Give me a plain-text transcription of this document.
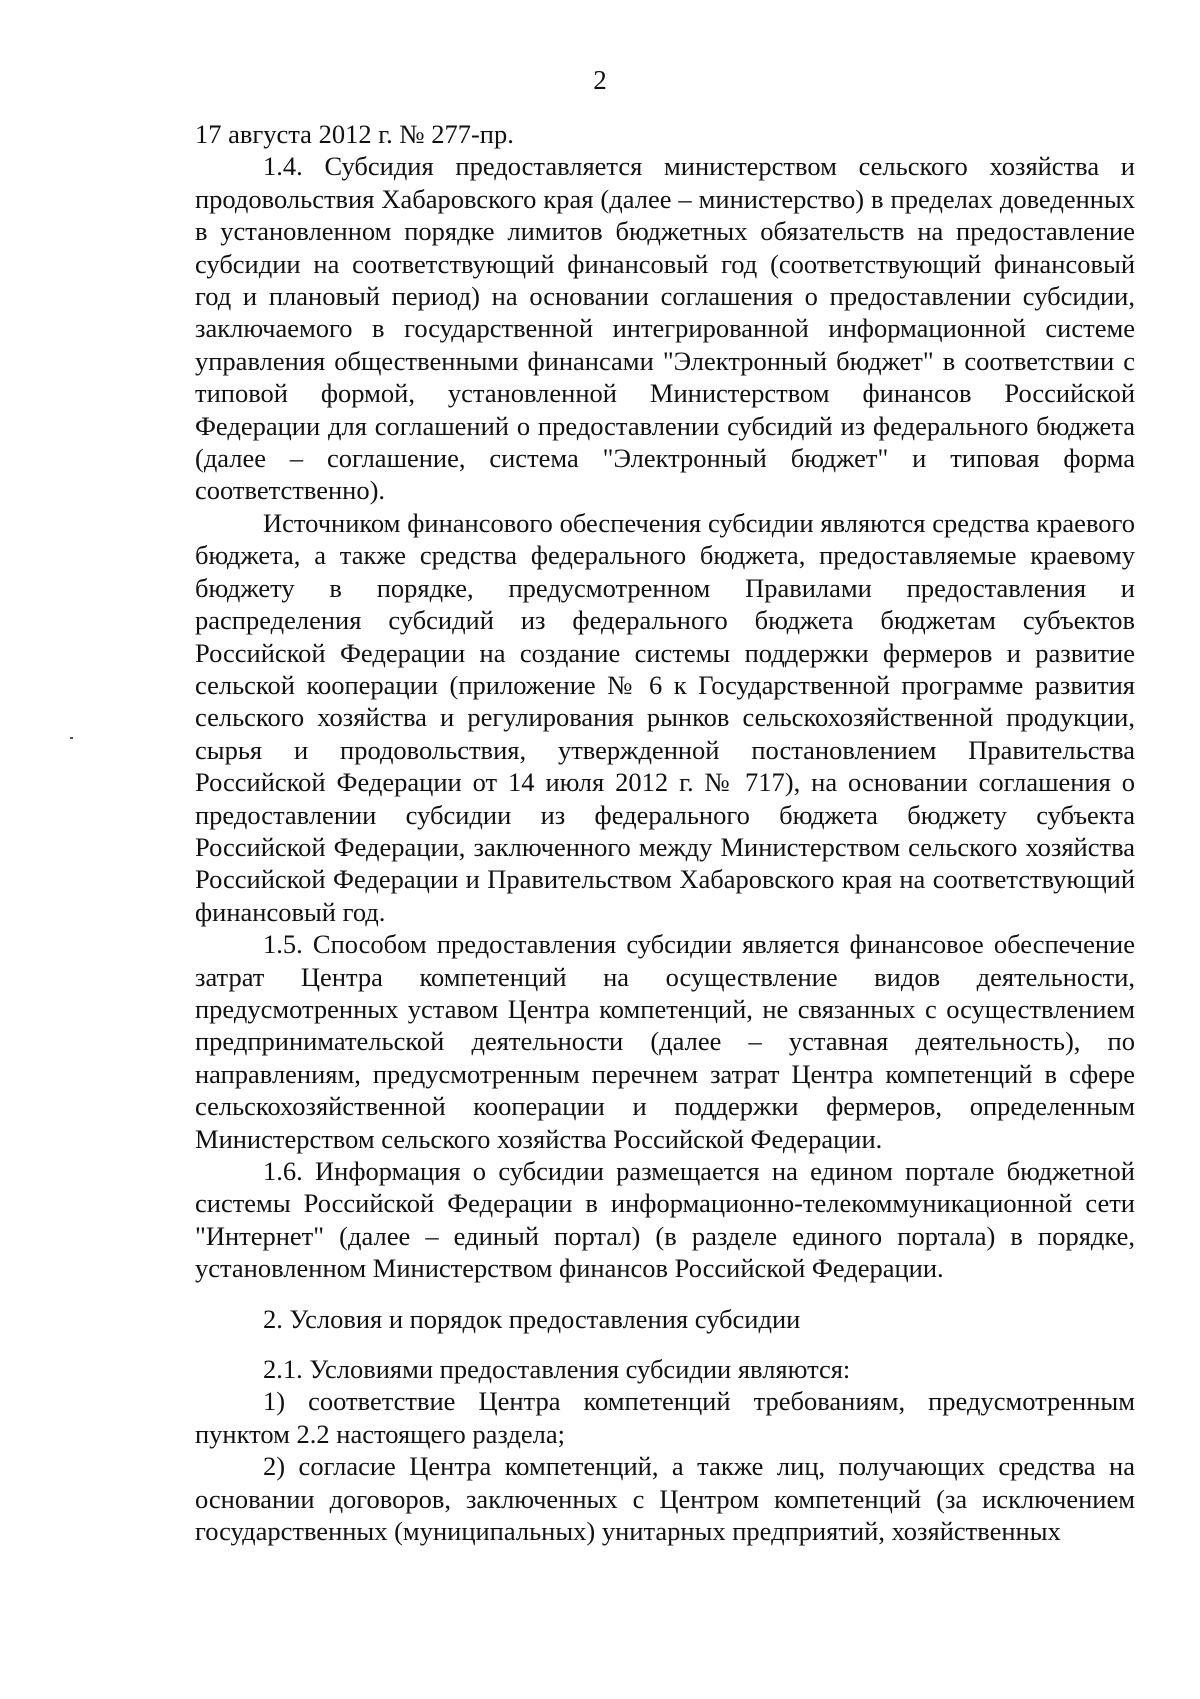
2

17 августа 2012 г. № 277-пр.

1.4. Субсидия предоставляется министерством сельского хозяйства и продовольствия Хабаровского края (далее – министерство) в пределах доведенных в установленном порядке лимитов бюджетных обязательств на предоставление субсидии на соответствующий финансовый год (соответствующий финансовый год и плановый период) на основании соглашения о предоставлении субсидии, заключаемого в государственной интегрированной информационной системе управления общественными финансами "Электронный бюджет" в соответствии с типовой формой, установленной Министерством финансов Российской Федерации для соглашений о предоставлении субсидий из федерального бюджета (далее – соглашение, система "Электронный бюджет" и типовая форма соответственно).

Источником финансового обеспечения субсидии являются средства краевого бюджета, а также средства федерального бюджета, предоставляемые краевому бюджету в порядке, предусмотренном Правилами предоставления и распределения субсидий из федерального бюджета бюджетам субъектов Российской Федерации на создание системы поддержки фермеров и развитие сельской кооперации (приложение № 6 к Государственной программе развития сельского хозяйства и регулирования рынков сельскохозяйственной продукции, сырья и продовольствия, утвержденной постановлением Правительства Российской Федерации от 14 июля 2012 г. № 717), на основании соглашения о предоставлении субсидии из федерального бюджета бюджету субъекта Российской Федерации, заключенного между Министерством сельского хозяйства Российской Федерации и Правительством Хабаровского края на соответствующий финансовый год.

1.5. Способом предоставления субсидии является финансовое обеспечение затрат Центра компетенций на осуществление видов деятельности, предусмотренных уставом Центра компетенций, не связанных с осуществлением предпринимательской деятельности (далее – уставная деятельность), по направлениям, предусмотренным перечнем затрат Центра компетенций в сфере сельскохозяйственной кооперации и поддержки фермеров, определенным Министерством сельского хозяйства Российской Федерации.

1.6. Информация о субсидии размещается на едином портале бюджетной системы Российской Федерации в информационно-телекоммуникационной сети "Интернет" (далее – единый портал) (в разделе единого портала) в порядке, установленном Министерством финансов Российской Федерации.

2. Условия и порядок предоставления субсидии

2.1. Условиями предоставления субсидии являются:

1) соответствие Центра компетенций требованиям, предусмотренным пунктом 2.2 настоящего раздела;

2) согласие Центра компетенций, а также лиц, получающих средства на основании договоров, заключенных с Центром компетенций (за исключением государственных (муниципальных) унитарных предприятий, хозяйственных
